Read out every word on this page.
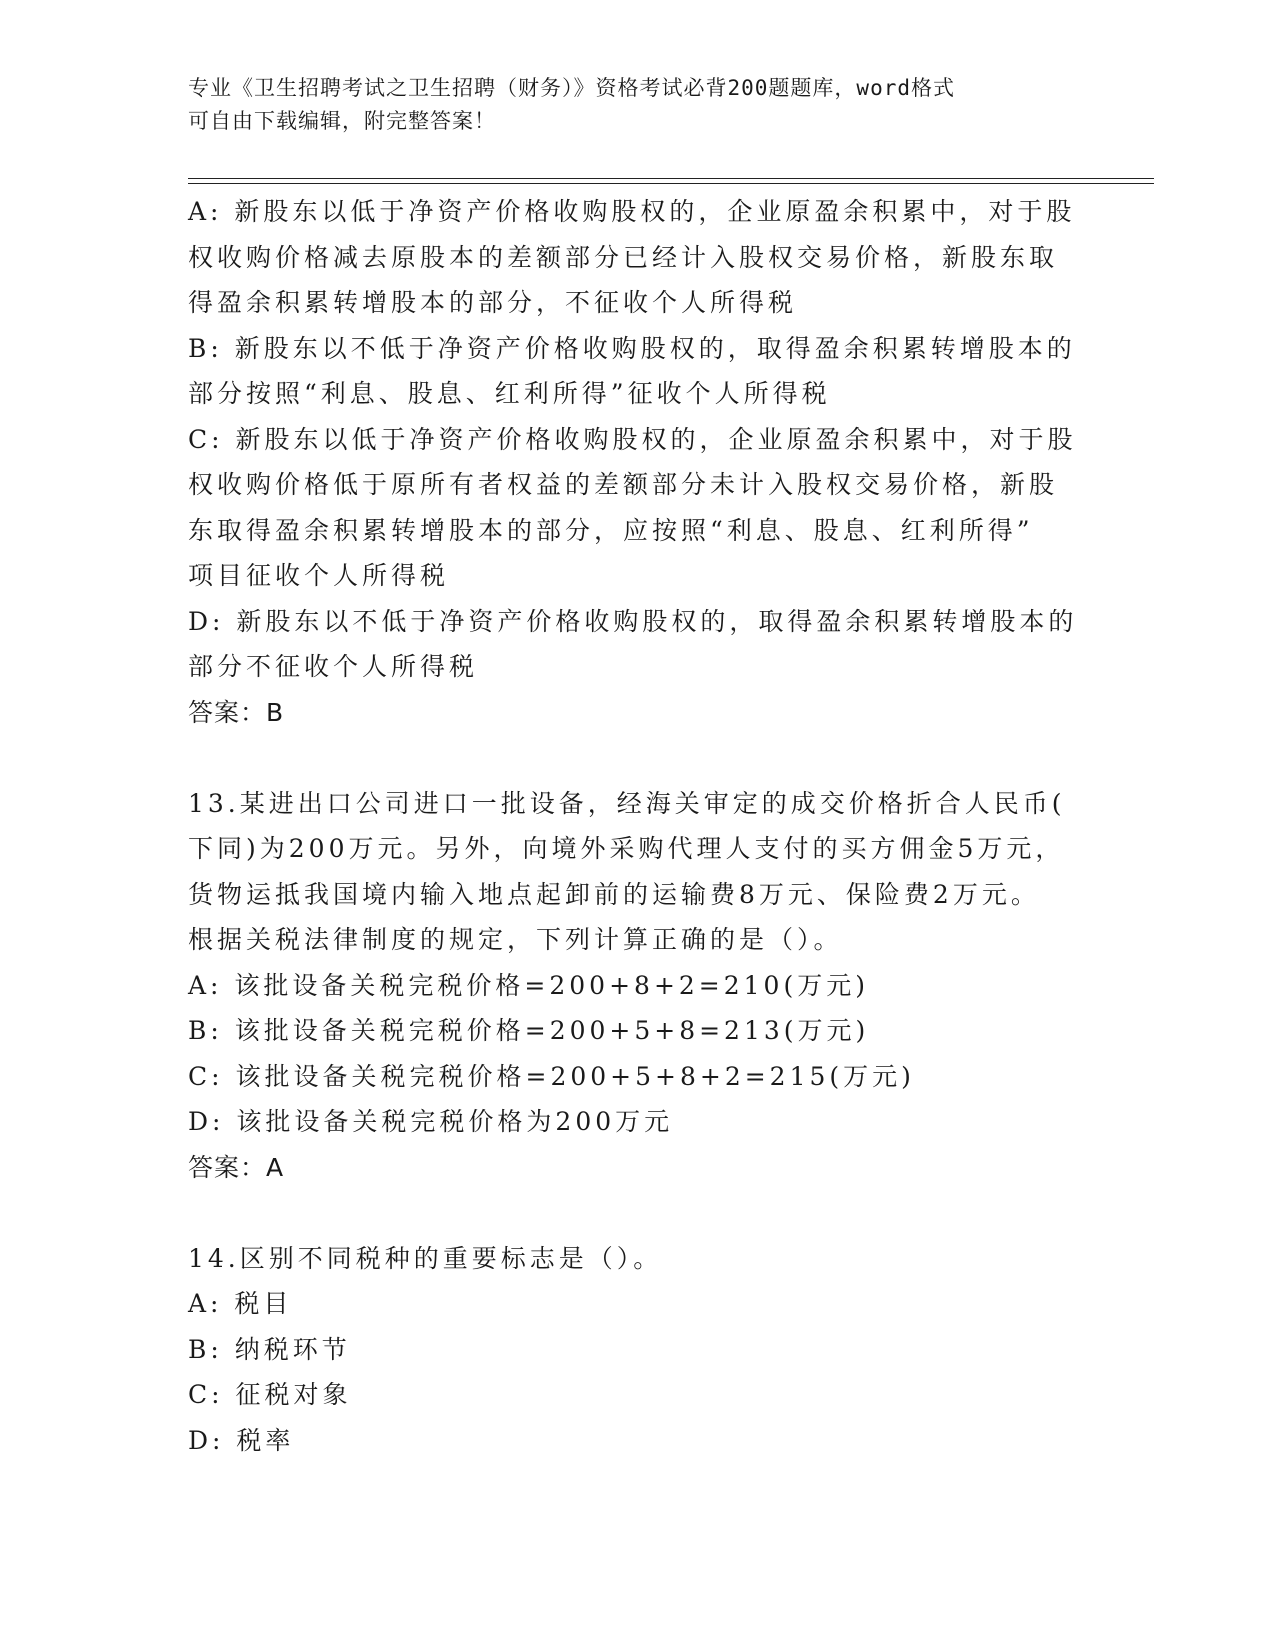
专业《卫生招聘考试之卫生招聘（财务）》资格考试必背200题题库，word格式
可自由下载编辑，附完整答案！
A: 新股东以低于净资产价格收购股权的，企业原盈余积累中，对于股
权收购价格减去原股本的差额部分已经计入股权交易价格，新股东取
得盈余积累转增股本的部分，不征收个人所得税
B: 新股东以不低于净资产价格收购股权的，取得盈余积累转增股本的
部分按照“利息、股息、红利所得”征收个人所得税
C: 新股东以低于净资产价格收购股权的，企业原盈余积累中，对于股
权收购价格低于原所有者权益的差额部分未计入股权交易价格，新股
东取得盈余积累转增股本的部分，应按照“利息、股息、红利所得”
项目征收个人所得税
D: 新股东以不低于净资产价格收购股权的，取得盈余积累转增股本的
部分不征收个人所得税
答案：B
13.某进出口公司进口一批设备，经海关审定的成交价格折合人民币(
下同)为200万元。另外，向境外采购代理人支付的买方佣金5万元，
货物运抵我国境内输入地点起卸前的运输费8万元、保险费2万元。
根据关税法律制度的规定，下列计算正确的是（）。
A: 该批设备关税完税价格=200+8+2=210(万元)
B: 该批设备关税完税价格=200+5+8=213(万元)
C: 该批设备关税完税价格=200+5+8+2=215(万元)
D: 该批设备关税完税价格为200万元
答案：A
14.区别不同税种的重要标志是（）。
A: 税目
B: 纳税环节
C: 征税对象
D: 税率
